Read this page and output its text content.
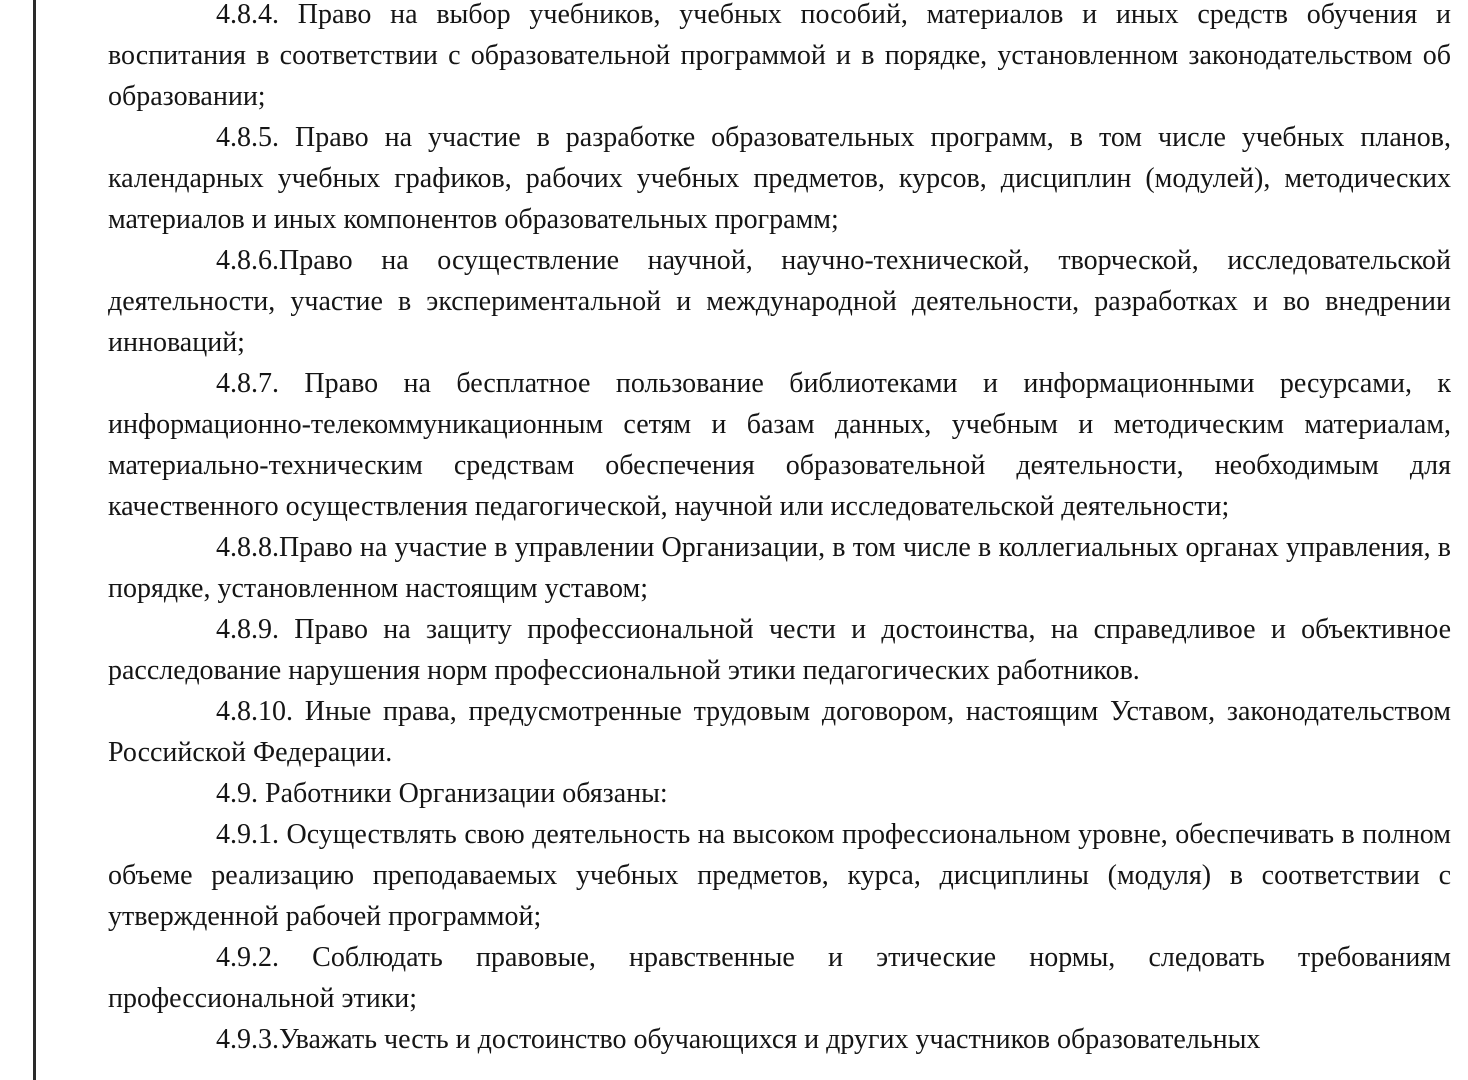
4.8.4. Право на выбор учебников, учебных пособий, материалов и иных средств обучения и воспитания в соответствии с образовательной программой и в порядке, установленном законодательством об образовании;

4.8.5. Право на участие в разработке образовательных программ, в том числе учебных планов, календарных учебных графиков, рабочих учебных предметов, курсов, дисциплин (модулей), методических материалов и иных компонентов образовательных программ;

4.8.6.Право на осуществление научной, научно-технической, творческой, исследовательской деятельности, участие в экспериментальной и международной деятельности, разработках и во внедрении инноваций;

4.8.7. Право на бесплатное пользование библиотеками и информационными ресурсами, к информационно-телекоммуникационным сетям и базам данных, учебным и методическим материалам, материально-техническим средствам обеспечения образовательной деятельности, необходимым для качественного осуществления педагогической, научной или исследовательской деятельности;

4.8.8.Право на участие в управлении Организации, в том числе в коллегиальных органах управления, в порядке, установленном настоящим уставом;

4.8.9. Право на защиту профессиональной чести и достоинства, на справедливое и объективное расследование нарушения норм профессиональной этики педагогических работников.

4.8.10. Иные права, предусмотренные трудовым договором, настоящим Уставом, законодательством Российской Федерации.

4.9. Работники Организации обязаны:

4.9.1. Осуществлять свою деятельность на высоком профессиональном уровне, обеспечивать в полном объеме реализацию преподаваемых учебных предметов, курса, дисциплины (модуля) в соответствии с утвержденной рабочей программой;

4.9.2. Соблюдать правовые, нравственные и этические нормы, следовать требованиям профессиональной этики;

4.9.3.Уважать честь и достоинство обучающихся и других участников образовательных
